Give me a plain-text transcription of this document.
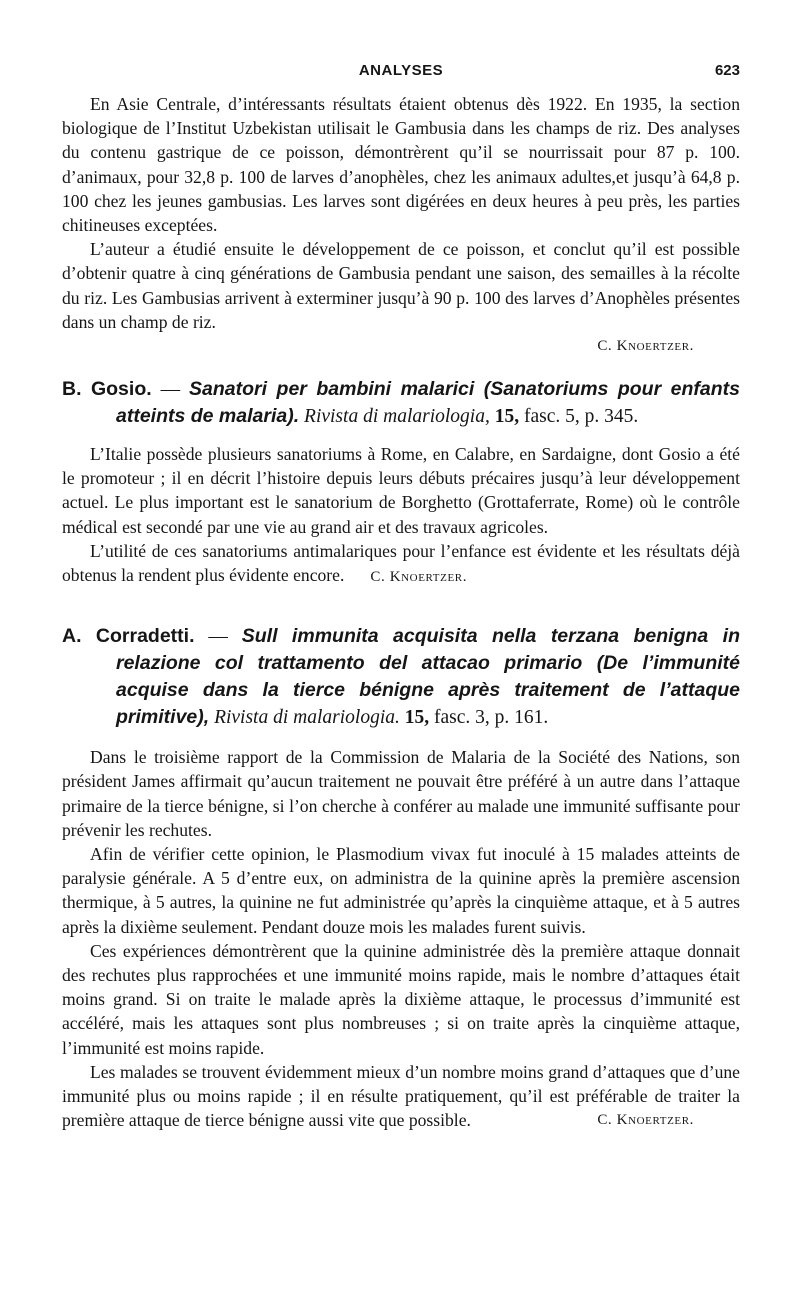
ANALYSES	623

En Asie Centrale, d’intéressants résultats étaient obtenus dès 1922. En 1935, la section biologique de l’Institut Uzbekistan utilisait le Gambusia dans les champs de riz. Des analyses du contenu gastrique de ce poisson, démontrèrent qu’il se nourrissait pour 87 p. 100. d’animaux, pour 32,8 p. 100 de larves d’anophèles, chez les animaux adultes,et jusqu’à 64,8 p. 100 chez les jeunes gambusias. Les larves sont digérées en deux heures à peu près, les parties chitineuses exceptées.

L’auteur a étudié ensuite le développement de ce poisson, et conclut qu’il est possible d’obtenir quatre à cinq générations de Gambusia pendant une saison, des semailles à la récolte du riz. Les Gambusias arrivent à exterminer jusqu’à 90 p. 100 des larves d’Anophèles présentes dans un champ de riz.

C. Knoertzer.

B. Gosio. — Sanatori per bambini malarici (Sanatoriums pour enfants atteints de malaria). Rivista di malariologia, 15, fasc. 5, p. 345.

L’Italie possède plusieurs sanatoriums à Rome, en Calabre, en Sardaigne, dont Gosio a été le promoteur ; il en décrit l’histoire depuis leurs débuts précaires jusqu’à leur développement actuel. Le plus important est le sanatorium de Borghetto (Grottaferrate, Rome) où le contrôle médical est secondé par une vie au grand air et des travaux agricoles.

L’utilité de ces sanatoriums antimalariques pour l’enfance est évidente et les résultats déjà obtenus la rendent plus évidente encore. C. Knoertzer.

A. Corradetti. — Sull immunita acquisita nella terzana benigna in relazione col trattamento del attacao primario (De l’immunité acquise dans la tierce bénigne après traitement de l’attaque primitive), Rivista di malariologia. 15, fasc. 3, p. 161.

Dans le troisième rapport de la Commission de Malaria de la Société des Nations, son président James affirmait qu’aucun traitement ne pouvait être préféré à un autre dans l’attaque primaire de la tierce bénigne, si l’on cherche à conférer au malade une immunité suffisante pour prévenir les rechutes.

Afin de vérifier cette opinion, le Plasmodium vivax fut inoculé à 15 malades atteints de paralysie générale. A 5 d’entre eux, on administra de la quinine après la première ascension thermique, à 5 autres, la quinine ne fut administrée qu’après la cinquième attaque, et à 5 autres après la dixième seulement. Pendant douze mois les malades furent suivis.

Ces expériences démontrèrent que la quinine administrée dès la première attaque donnait des rechutes plus rapprochées et une immunité moins rapide, mais le nombre d’attaques était moins grand. Si on traite le malade après la dixième attaque, le processus d’immunité est accéléré, mais les attaques sont plus nombreuses ; si on traite après la cinquième attaque, l’immunité est moins rapide.

Les malades se trouvent évidemment mieux d’un nombre moins grand d’attaques que d’une immunité plus ou moins rapide ; il en résulte pratiquement, qu’il est préférable de traiter la première attaque de tierce bénigne aussi vite que possible.	C. Knoertzer.
